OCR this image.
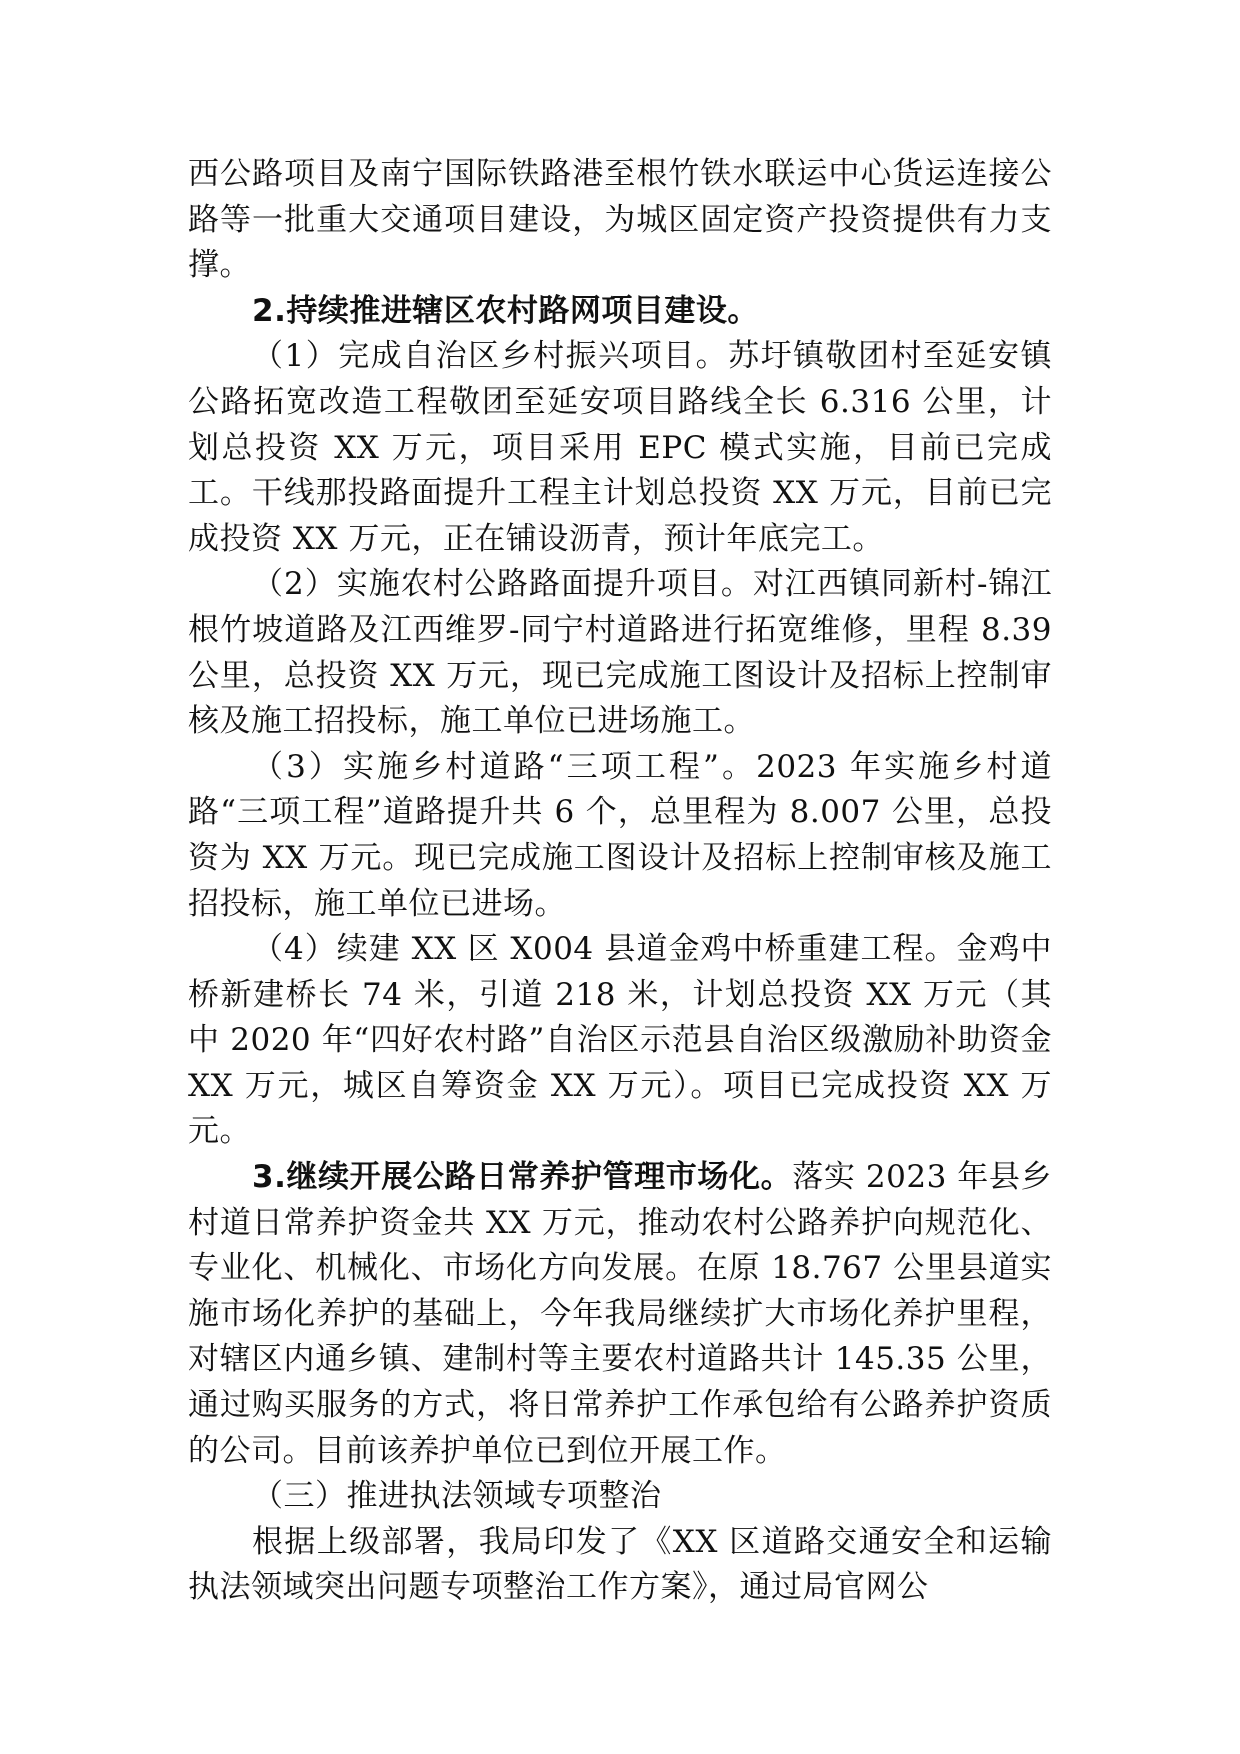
西公路项目及南宁国际铁路港至根竹铁水联运中心货运连接公路等一批重大交通项目建设，为城区固定资产投资提供有力支撑。

2.持续推进辖区农村路网项目建设。

（1）完成自治区乡村振兴项目。苏圩镇敬团村至延安镇公路拓宽改造工程敬团至延安项目路线全长 6.316 公里，计划总投资 XX 万元，项目采用 EPC 模式实施，目前已完成工。干线那投路面提升工程主计划总投资 XX 万元，目前已完成投资 XX 万元，正在铺设沥青，预计年底完工。

（2）实施农村公路路面提升项目。对江西镇同新村-锦江根竹坡道路及江西维罗-同宁村道路进行拓宽维修，里程 8.39 公里，总投资 XX 万元，现已完成施工图设计及招标上控制审核及施工招投标，施工单位已进场施工。

（3）实施乡村道路“三项工程”。2023 年实施乡村道路“三项工程”道路提升共 6 个，总里程为 8.007 公里，总投资为 XX 万元。现已完成施工图设计及招标上控制审核及施工招投标，施工单位已进场。

（4）续建 XX 区 X004 县道金鸡中桥重建工程。金鸡中桥新建桥长 74 米，引道 218 米，计划总投资 XX 万元（其中 2020 年“四好农村路”自治区示范县自治区级激励补助资金 XX 万元，城区自筹资金 XX 万元）。项目已完成投资 XX 万元。

3.继续开展公路日常养护管理市场化。落实 2023 年县乡村道日常养护资金共 XX 万元，推动农村公路养护向规范化、专业化、机械化、市场化方向发展。在原 18.767 公里县道实施市场化养护的基础上，今年我局继续扩大市场化养护里程，对辖区内通乡镇、建制村等主要农村道路共计 145.35 公里，通过购买服务的方式，将日常养护工作承包给有公路养护资质的公司。目前该养护单位已到位开展工作。

（三）推进执法领域专项整治

根据上级部署，我局印发了《XX 区道路交通安全和运输执法领域突出问题专项整治工作方案》，通过局官网公
